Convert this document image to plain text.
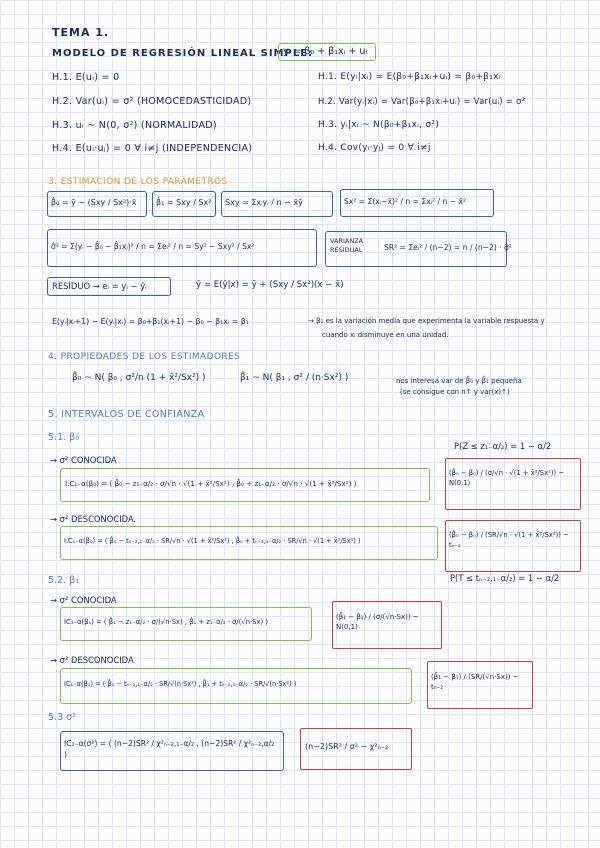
TEMA 1.
MODELO DE REGRESIÓN LINEAL SIMPLE:
yᵢ = β₀ + β₁xᵢ + uᵢ
H.1. E(uᵢ) = 0
H.2. Var(uᵢ) = σ² (HOMOCEDASTICIDAD)
H.3. uᵢ ~ N(0, σ²) (NORMALIDAD)
H.4. E(uᵢ·uⱼ) = 0 ∀ i≠j (INDEPENDENCIA)
H.1. E(yᵢ|xᵢ) = E(β₀+β₁xᵢ+uᵢ) = β₀+β₁xᵢ
H.2. Var(yᵢ|xᵢ) = Var(β₀+β₁xᵢ+uᵢ) = Var(uᵢ) = σ²
H.3. yᵢ|xᵢ ~ N(β₀+β₁xᵢ, σ²)
H.4. Cov(yᵢ·yⱼ) = 0 ∀ i≠j
3. ESTIMACIÓN DE LOS PARÁMETROS
β̂₀ = ȳ − (Sxy / Sx²)·x̄ β̂₁ = Sxy / Sx² Sxy = Σxᵢyᵢ / n − x̄ȳ	Sx² = Σ(xᵢ−x̄)² / n = Σxᵢ² / n − x̄²
σ̂² = Σ(yᵢ − β̂₀ − β̂₁xᵢ)² / n = Σeᵢ² / n = Sy² − Sxy² / Sx²
VARIANZA RESIDUAL	SR² = Σeᵢ² / (n−2) = n / (n−2) · σ̂²
RESIDUO → eᵢ = yᵢ − ŷᵢ	ŷ = E(ŷ|x) = ȳ + (Sxy / Sx²)(x − x̄)
E(yᵢ|xᵢ+1) − E(yᵢ|xᵢ) = β₀+β₁(xᵢ+1) − β₀ − β₁xᵢ = β₁	→ β₁ es la variación media que experimenta la variable respuesta y
cuando xᵢ disminuye en una unidad.
4. PROPIEDADES DE LOS ESTIMADORES
β̂₀ ~ N( β₀ , σ²/n (1 + x̄²/Sx²) )	β̂₁ ~ N( β₁ , σ² / (n·Sx²) )	nos interesa var de β̂₀ y β̂₁ pequeña
(se consigue con n↑ y var(x)↑)
5. INTERVALOS DE CONFIANZA
5.1. β₀
P(Z ≤ z₁₋α/₂) = 1 − α/2
→ σ² CONOCIDA
I.C₁₋α(β₀) = ( β̂₀ − z₁₋α/₂ · σ/√n · √(1 + x̄²/Sx²) , β̂₀ + z₁₋α/₂ · σ/√n · √(1 + x̄²/Sx²) )
(β̂₀ − β₀) / (σ/√n · √(1 + x̄²/Sx²)) ~ N(0,1)
→ σ² DESCONOCIDA.
I.C₁₋α(β₀) = ( β̂₀ − tₙ₋₂,₁₋α/₂ · SR/√n · √(1 + x̄²/Sx²) , β̂₀ + tₙ₋₂,₁₋α/₂ · SR/√n · √(1 + x̄²/Sx²) )
(β̂₀ − β₀) / (SR/√n · √(1 + x̄²/Sx²)) ~ tₙ₋₂
P(T ≤ tₙ₋₂,₁₋α/₂) = 1 − α/2
5.2. β₁
→ σ² CONOCIDA
IC₁₋α(β₁) = ( β̂₁ − z₁₋α/₂ · σ/(√n·Sx) , β̂₁ + z₁₋α/₂ · σ/(√n·Sx) )
(β̂₁ − β₁) / (σ/(√n·Sx)) ~ N(0,1)
→ σ² DESCONOCIDA
IC₁₋α(β₁) = ( β̂₁ − tₙ₋₂,₁₋α/₂ · SR/√(n·Sx²) , β̂₁ + tₙ₋₂,₁₋α/₂ · SR/√(n·Sx²) )
(β̂₁ − β₁) / (SR/(√n·Sx)) ~ tₙ₋₂
5.3 σ²
IC₁₋α(σ²) = ( (n−2)SR² / χ²ₙ₋₂,₁₋α/₂ , (n−2)SR² / χ²ₙ₋₂,α/₂ )
(n−2)SR² / σ² ~ χ²ₙ₋₂
